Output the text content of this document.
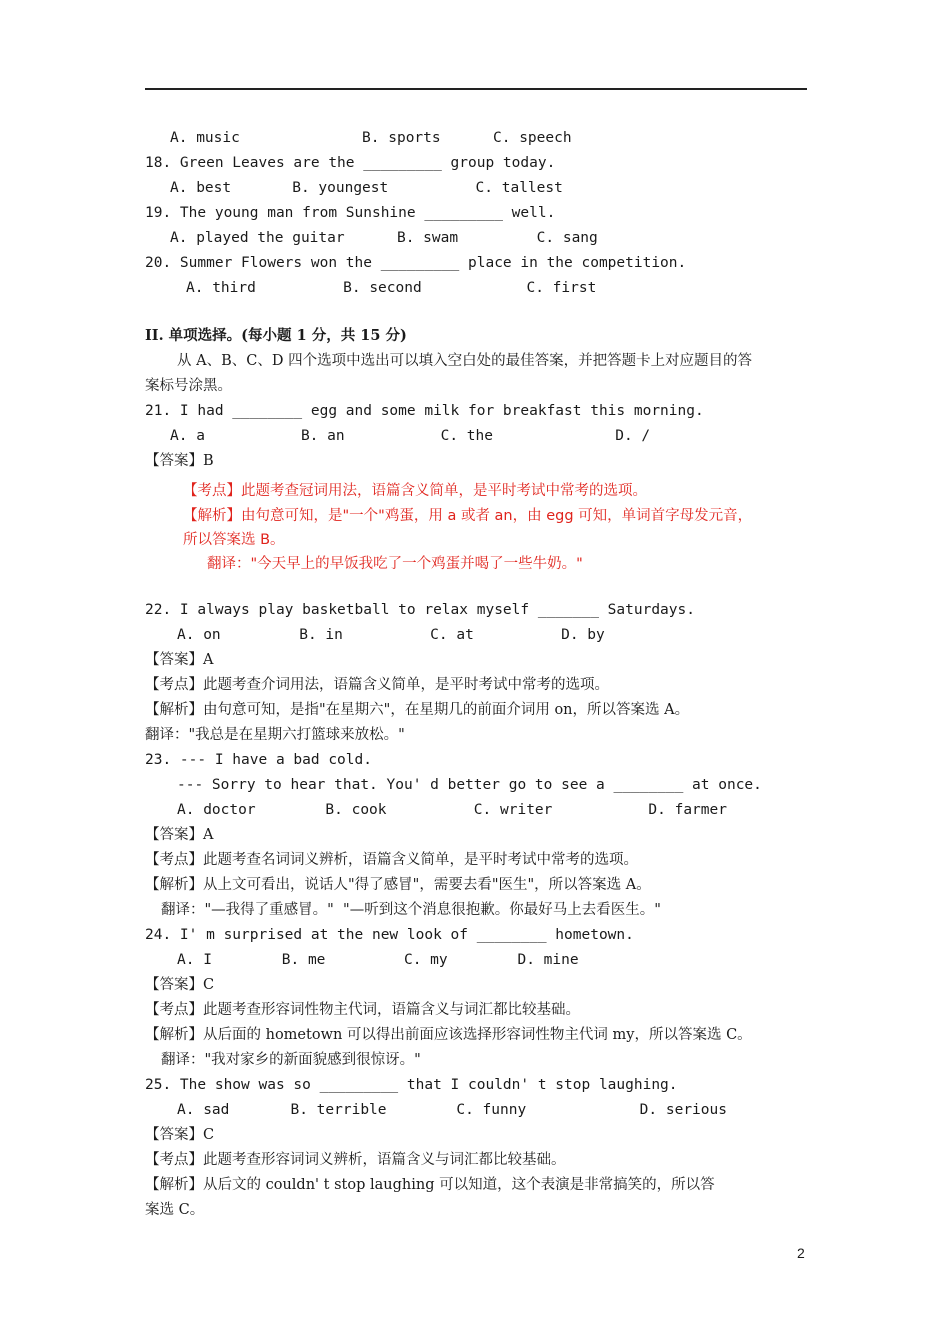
A. music              B. sports      C. speech
18. Green Leaves are the _________ group today.
A. best       B. youngest          C. tallest
19. The young man from Sunshine _________ well.
A. played the guitar      B. swam         C. sang
20. Summer Flowers won the _________ place in the competition.
A. third          B. second            C. first
II. 单项选择。(每小题 1 分，共 15 分)
从 A、B、C、D 四个选项中选出可以填入空白处的最佳答案，并把答题卡上对应题目的答
案标号涂黑。
21. I had ________ egg and some milk for breakfast this morning.
A. a           B. an           C. the              D. /
【答案】B
【考点】此题考查冠词用法，语篇含义简单，是平时考试中常考的选项。
【解析】由句意可知，是"一个"鸡蛋，用 a 或者 an，由 egg 可知，单词首字母发元音，
所以答案选 B。
翻译："今天早上的早饭我吃了一个鸡蛋并喝了一些牛奶。"
22. I always play basketball to relax myself _______ Saturdays.
A. on         B. in          C. at          D. by
【答案】A
【考点】此题考查介词用法，语篇含义简单，是平时考试中常考的选项。
【解析】由句意可知，是指"在星期六"，在星期几的前面介词用 on，所以答案选 A。
翻译："我总是在星期六打篮球来放松。"
23. --- I have a bad cold.
--- Sorry to hear that. You' d better go to see a ________ at once.
A. doctor        B. cook          C. writer           D. farmer
【答案】A
【考点】此题考查名词词义辨析，语篇含义简单，是平时考试中常考的选项。
【解析】从上文可看出，说话人"得了感冒"，需要去看"医生"，所以答案选 A。
翻译："—我得了重感冒。"  "—听到这个消息很抱歉。你最好马上去看医生。"
24. I' m surprised at the new look of ________ hometown.
A. I        B. me         C. my        D. mine
【答案】C
【考点】此题考查形容词性物主代词，语篇含义与词汇都比较基础。
【解析】从后面的 hometown 可以得出前面应该选择形容词性物主代词 my，所以答案选 C。
翻译："我对家乡的新面貌感到很惊讶。"
25. The show was so _________ that I couldn' t stop laughing.
A. sad       B. terrible        C. funny             D. serious
【答案】C
【考点】此题考查形容词词义辨析，语篇含义与词汇都比较基础。
【解析】从后文的 couldn' t stop laughing 可以知道，这个表演是非常搞笑的，所以答
案选 C。
2
